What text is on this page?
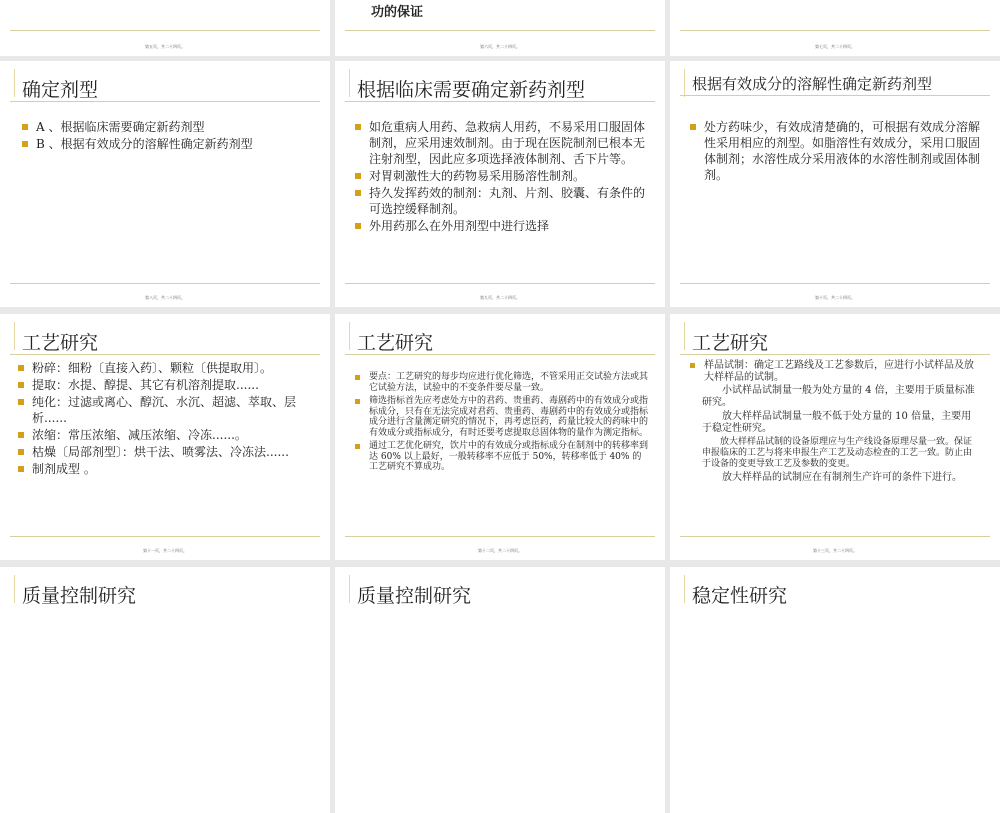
第五页，共二十四页。

功的保证
第六页，共二十四页。	第七页，共二十四页。
确定剂型
A 、根据临床需要确定新药剂型
B 、根据有效成分的溶解性确定新药剂型
第八页，共二十四页。
根据临床需要确定新药剂型
如危重病人用药、急救病人用药，不易采用口服固体制剂，应采用速效制剂。由于现在医院制剂已根本无注射剂型，因此应多项选择液体制剂、舌下片等。
对胃刺激性大的药物易采用肠溶性制剂。
持久发挥药效的制剂：丸剂、片剂、胶囊、有条件的可选控缓释制剂。
外用药那么在外用剂型中进行选择
第九页，共二十四页。
根据有效成分的溶解性确定新药剂型
处方药味少，有效成清楚确的，可根据有效成分溶解性采用相应的剂型。如脂溶性有效成分，采用口服固体制剂；水溶性成分采用液体的水溶性制剂或固体制剂。
第十页，共二十四页。
工艺研究
粉碎：细粉〔直接入药〕、颗粒〔供提取用〕。
提取：水提、醇提、其它有机溶剂提取......
纯化：过滤或离心、醇沉、水沉、超滤、萃取、层析......
浓缩：常压浓缩、减压浓缩、冷冻......。
枯燥〔局部剂型〕：烘干法、喷雾法、冷冻法......
制剂成型 。
第十一页，共二十四页。
工艺研究
要点：工艺研究的每步均应进行优化筛选，不管采用正交试验方法或其它试验方法，试验中的不变条件要尽量一致。
筛选指标首先应考虑处方中的君药、贵重药、毒剧药中的有效成分或指标成分，只有在无法完成对君药、贵重药、毒剧药中的有效成分或指标成分进行含量测定研究的情况下，再考虑臣药，药量比较大的药味中的有效成分或指标成分，有时还要考虑提取总固体物的量作为测定指标。
通过工艺优化研究，饮片中的有效成分或指标成分在制剂中的转移率到达 60% 以上最好，一般转移率不应低于 50%，转移率低于 40% 的工艺研究不算成功。
第十二页，共二十四页。
工艺研究
样品试制：确定工艺路线及工艺参数后，应进行小试样品及放大样样品的试制。
小试样品试制量一般为处方量的 4 倍，主要用于质量标准研究。
放大样样品试制量一般不低于处方量的 10 倍量，主要用于稳定性研究。
放大样样品试制的设备原理应与生产线设备原理尽量一致。保证申报临床的工艺与将来申报生产工艺及动态检查的工艺一致。防止由于设备的变更导致工艺及参数的变更。
放大样样品的试制应在有制剂生产许可的条件下进行。
第十三页，共二十四页。
质量控制研究	质量控制研究	稳定性研究
